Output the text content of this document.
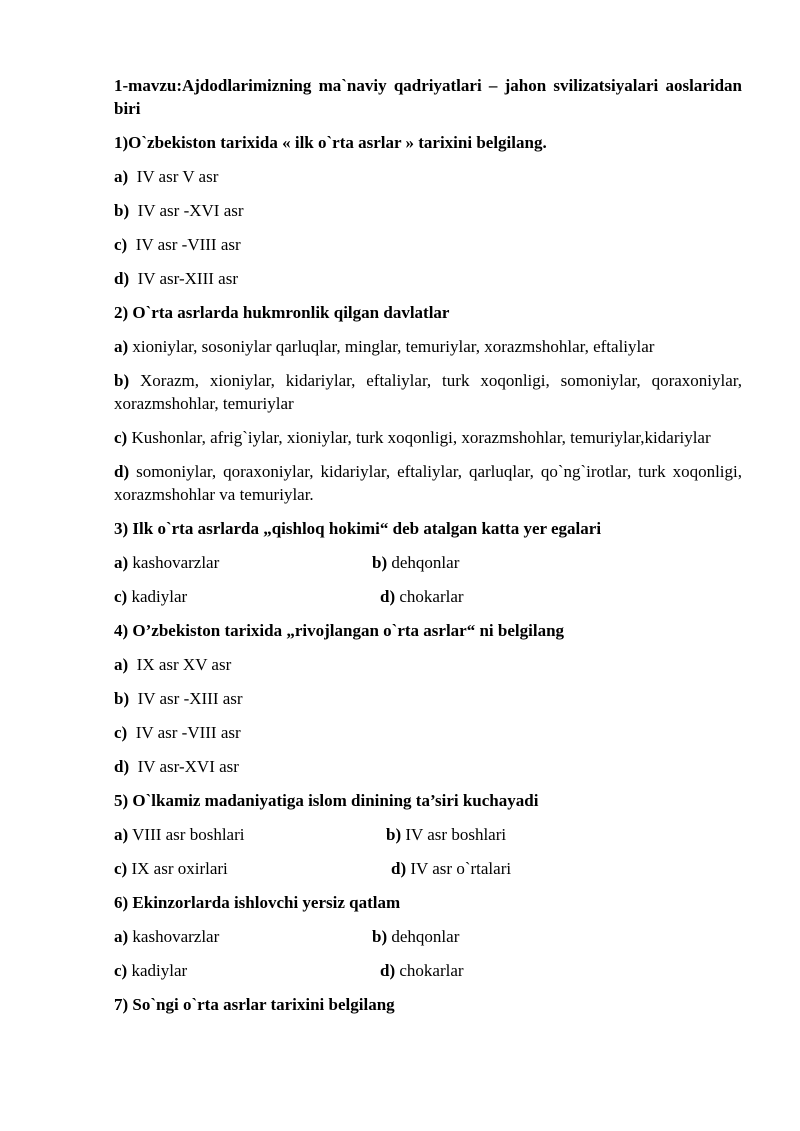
1-mavzu:Ajdodlarimizning ma`naviy qadriyatlari – jahon svilizatsiyalari aoslaridan biri
1)O`zbekiston tarixida « ilk o`rta asrlar » tarixini belgilang.
a) IV asr V asr
b) IV asr -XVI asr
c) IV asr -VIII asr
d) IV asr-XIII asr
2) O`rta asrlarda hukmronlik qilgan davlatlar
a) xioniylar, sosoniylar qarluqlar, minglar, temuriylar, xorazmshohlar, eftaliylar
b) Xorazm, xioniylar, kidariylar, eftaliylar, turk xoqonligi, somoniylar, qoraxoniylar, xorazmshohlar, temuriylar
c) Kushonlar, afrig`iylar, xioniylar, turk xoqonligi, xorazmshohlar, temuriylar,kidariylar
d) somoniylar, qoraxoniylar, kidariylar, eftaliylar, qarluqlar, qo`ng`irotlar, turk xoqonligi, xorazmshohlar va temuriylar.
3) Ilk o`rta asrlarda „qishloq hokimi“ deb atalgan katta yer egalari
a) kashovarzlar	b) dehqonlar
c) kadiylar	d) chokarlar
4) O’zbekiston tarixida „rivojlangan o`rta asrlar“ ni belgilang
a) IX asr XV asr
b) IV asr -XIII asr
c) IV asr -VIII asr
d) IV asr-XVI asr
5) O`lkamiz madaniyatiga islom dinining ta’siri kuchayadi
a) VIII asr boshlari	b) IV asr boshlari
c) IX asr oxirlari	d) IV asr o`rtalari
6) Ekinzorlarda ishlovchi yersiz qatlam
a) kashovarzlar	b) dehqonlar
c) kadiylar	d) chokarlar
7) So`ngi o`rta asrlar tarixini belgilang
